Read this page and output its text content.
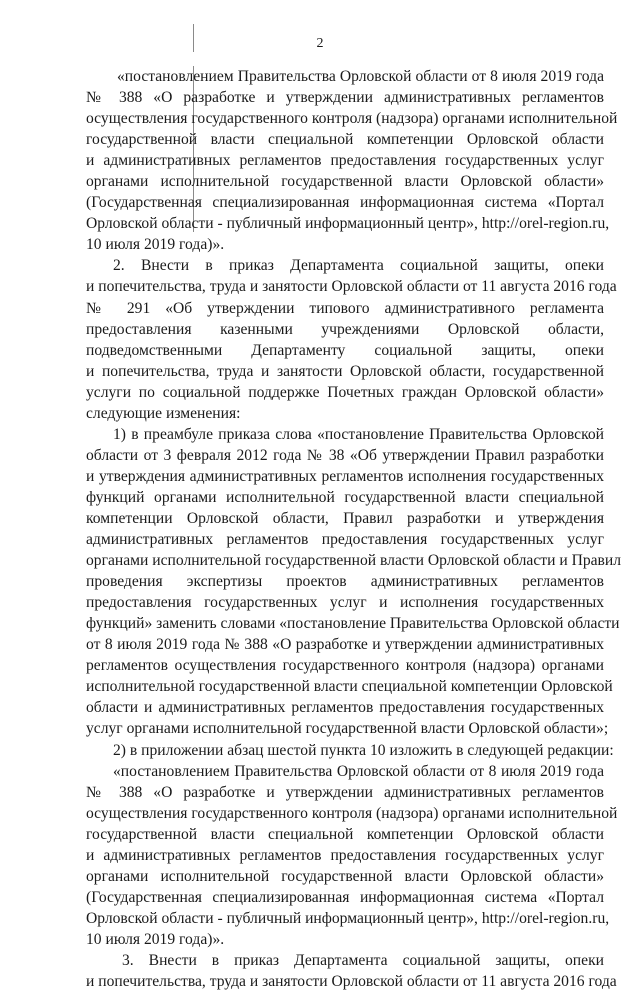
2
«постановлением Правительства Орловской области от 8 июля 2019 года
№ 388 «О разработке и утверждении административных регламентов
осуществления государственного контроля (надзора) органами исполнительной
государственной власти специальной компетенции Орловской области
и административных регламентов предоставления государственных услуг
органами исполнительной государственной власти Орловской области»
(Государственная специализированная информационная система «Портал
Орловской области - публичный информационный центр», http://orel-region.ru,
10 июля 2019 года)».
2. Внести в приказ Департамента социальной защиты, опеки
и попечительства, труда и занятости Орловской области от 11 августа 2016 года
№ 291 «Об утверждении типового административного регламента
предоставления казенными учреждениями Орловской области,
подведомственными Департаменту социальной защиты, опеки
и попечительства, труда и занятости Орловской области, государственной
услуги по социальной поддержке Почетных граждан Орловской области»
следующие изменения:
1) в преамбуле приказа слова «постановление Правительства Орловской
области от 3 февраля 2012 года № 38 «Об утверждении Правил разработки
и утверждения административных регламентов исполнения государственных
функций органами исполнительной государственной власти специальной
компетенции Орловской области, Правил разработки и утверждения
административных регламентов предоставления государственных услуг
органами исполнительной государственной власти Орловской области и Правил
проведения экспертизы проектов административных регламентов
предоставления государственных услуг и исполнения государственных
функций» заменить словами «постановление Правительства Орловской области
от 8 июля 2019 года № 388 «О разработке и утверждении административных
регламентов осуществления государственного контроля (надзора) органами
исполнительной государственной власти специальной компетенции Орловской
области и административных регламентов предоставления государственных
услуг органами исполнительной государственной власти Орловской области»;
2) в приложении абзац шестой пункта 10 изложить в следующей редакции:
«постановлением Правительства Орловской области от 8 июля 2019 года
№ 388 «О разработке и утверждении административных регламентов
осуществления государственного контроля (надзора) органами исполнительной
государственной власти специальной компетенции Орловской области
и административных регламентов предоставления государственных услуг
органами исполнительной государственной власти Орловской области»
(Государственная специализированная информационная система «Портал
Орловской области - публичный информационный центр», http://orel-region.ru,
10 июля 2019 года)».
3. Внести в приказ Департамента социальной защиты, опеки
и попечительства, труда и занятости Орловской области от 11 августа 2016 года
